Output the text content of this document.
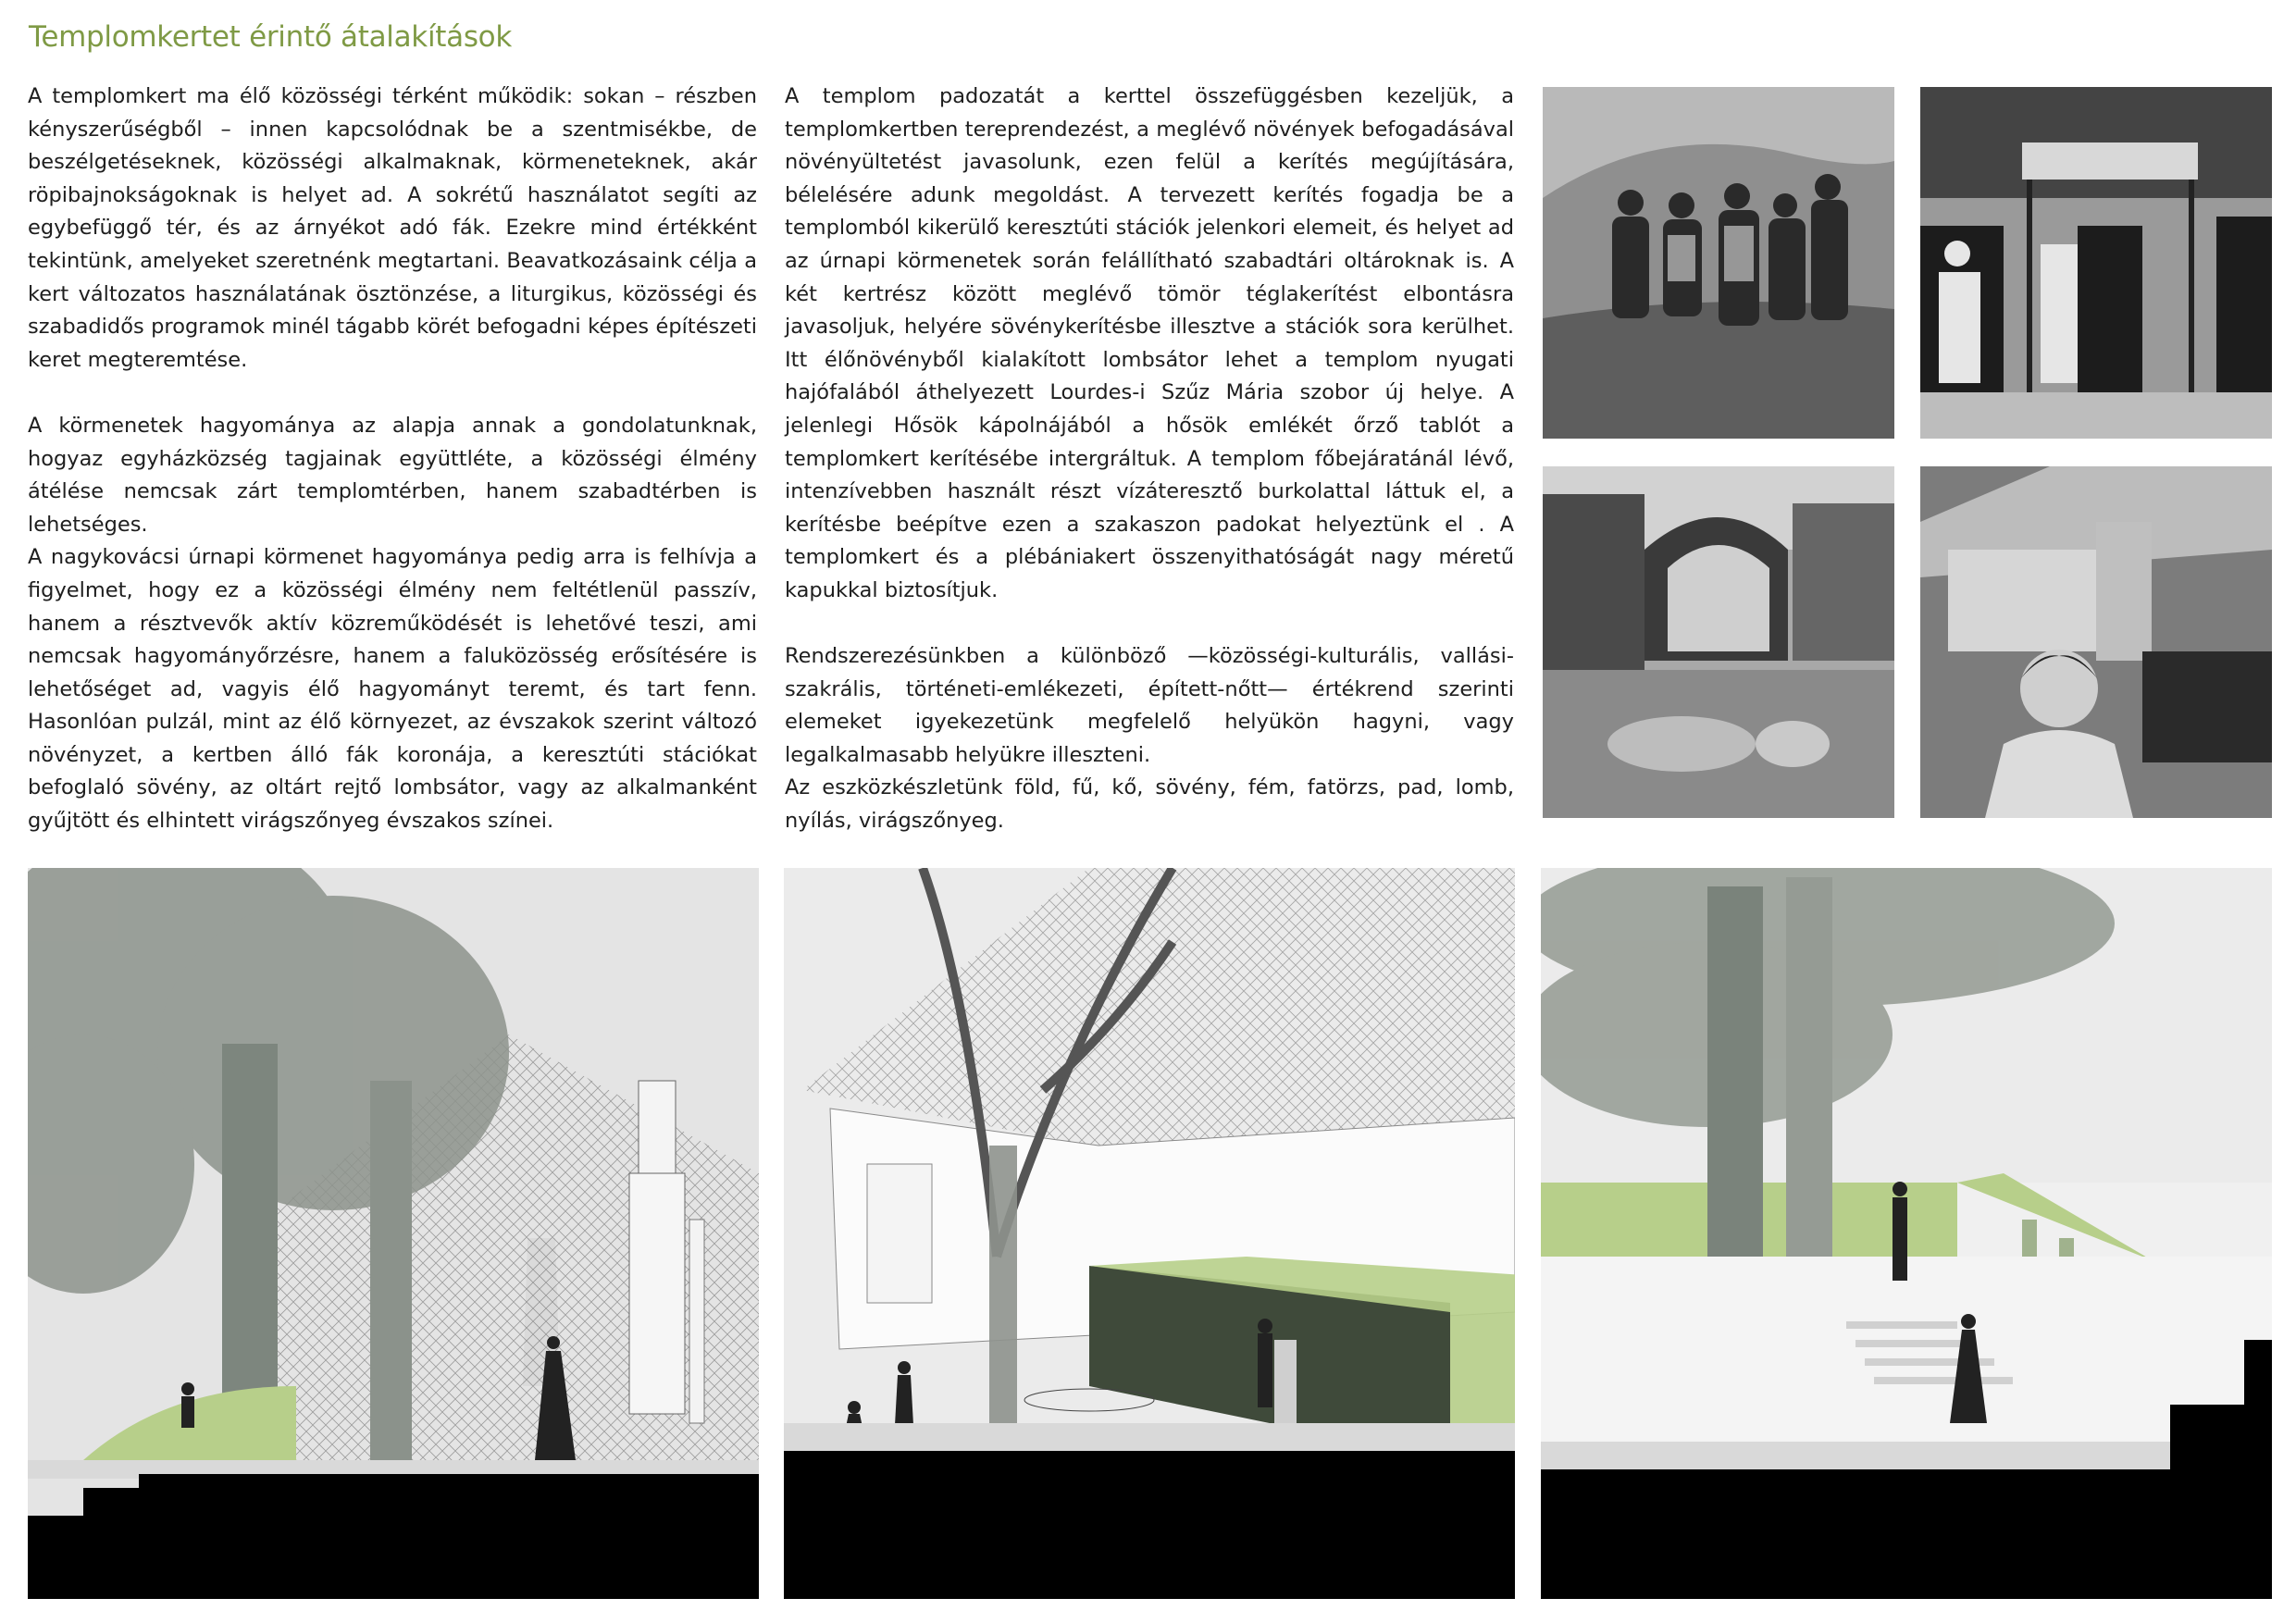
Templomkertet érintő átalakítások

A templomkert ma élő közösségi térként működik: sokan – részben kényszerűségből – innen kapcsolódnak be a szentmisékbe, de beszélgetéseknek, közösségi alkalmaknak, körmeneteknek, akár röpibajnokságoknak is helyet ad. A sokrétű használatot segíti az egybefüggő tér, és az árnyékot adó fák. Ezekre mind értékként tekintünk, amelyeket szeretnénk megtartani. Beavatkozásaink célja a kert változatos használatának ösztönzése, a liturgikus, közösségi és szabadidős programok minél tágabb körét befogadni képes építészeti keret megteremtése.

A körmenetek hagyománya az alapja annak a gondolatunknak, hogyaz egyházközség tagjainak együttléte, a közösségi élmény átélése nemcsak zárt templomtérben, hanem szabadtérben is lehetséges.

A nagykovácsi úrnapi körmenet hagyománya pedig arra is felhívja a figyelmet, hogy ez a közösségi élmény nem feltétlenül passzív, hanem a résztvevők aktív közreműködését is lehetővé teszi, ami nemcsak hagyományőrzésre, hanem a faluközösség erősítésére is lehetőséget ad, vagyis élő hagyományt teremt, és tart fenn. Hasonlóan pulzál, mint az élő környezet, az évszakok szerint változó növényzet, a kertben álló fák koronája, a keresztúti stációkat befoglaló sövény, az oltárt rejtő lombsátor, vagy az alkalmanként gyűjtött és elhintett virágszőnyeg évszakos színei.

A templom padozatát a kerttel összefüggésben kezeljük, a templomkertben tereprendezést, a meglévő növények befogadásával növényültetést javasolunk, ezen felül a kerítés megújítására, bélelésére adunk megoldást. A tervezett kerítés fogadja be a templomból kikerülő keresztúti stációk jelenkori elemeit, és helyet ad az úrnapi körmenetek során felállítható szabadtári oltároknak is. A két kertrész között meglévő tömör téglakerítést elbontásra javasoljuk, helyére sövénykerítésbe illesztve a stációk sora kerülhet. Itt élőnövényből kialakított lombsátor lehet a templom nyugati hajófalából áthelyezett Lourdes-i Szűz Mária szobor új helye. A jelenlegi Hősök kápolnájából a hősök emlékét őrző tablót a templomkert kerítésébe intergráltuk. A templom főbejáratánál lévő, intenzívebben használt részt vízáteresztő burkolattal láttuk el, a kerítésbe beépítve ezen a szakaszon padokat helyeztünk el . A templomkert és a plébániakert összenyithatóságát nagy méretű kapukkal biztosítjuk.

Rendszerezésünkben a különböző —közösségi-kulturális, vallási-szakrális, történeti-emlékezeti, épített-nőtt— értékrend szerinti elemeket igyekezetünk megfelelő helyükön hagyni, vagy legalkalmasabb helyükre illeszteni.

Az eszközkészletünk föld, fű, kő, sövény, fém, fatörzs, pad, lomb, nyílás, virágszőnyeg.
